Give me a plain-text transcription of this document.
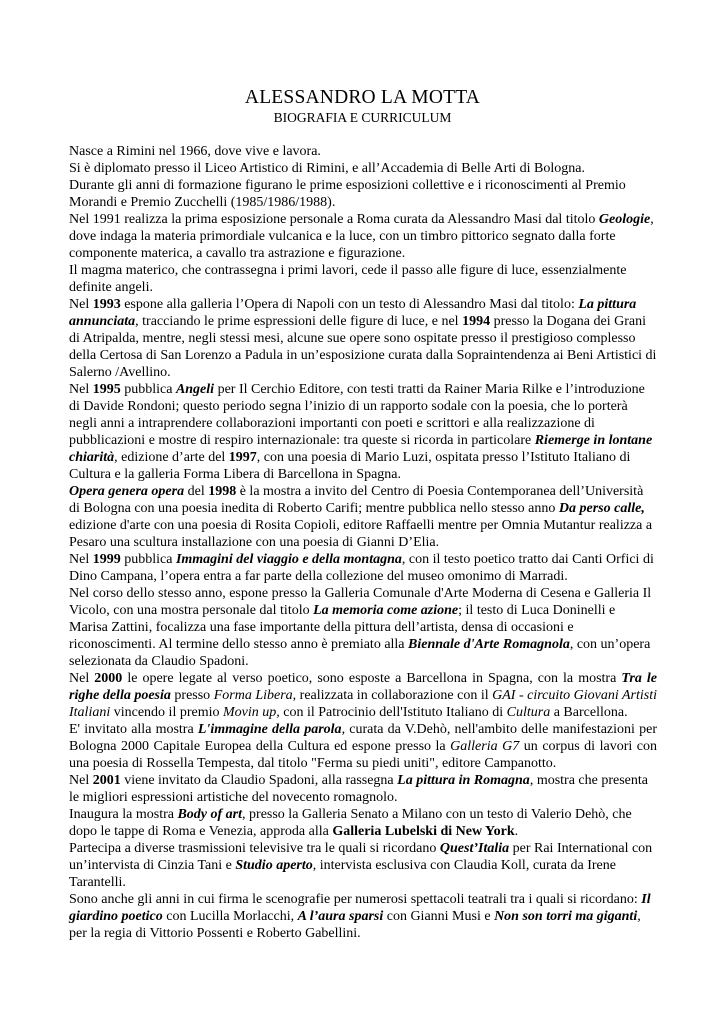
ALESSANDRO LA MOTTA
BIOGRAFIA E CURRICULUM

Nasce a Rimini nel 1966, dove vive e lavora.

Si è diplomato presso il Liceo Artistico di Rimini, e all’Accademia di Belle Arti di Bologna.

Durante gli anni di formazione figurano le prime esposizioni collettive e i riconoscimenti al Premio Morandi e Premio Zucchelli (1985/1986/1988).

Nel 1991 realizza la prima esposizione personale a Roma curata da Alessandro Masi dal titolo Geologie, dove indaga la materia primordiale vulcanica e la luce, con un timbro pittorico segnato dalla forte componente materica, a cavallo tra astrazione e figurazione.

Il magma materico, che contrassegna i primi lavori, cede il passo alle figure di luce, essenzialmente definite angeli.

Nel 1993 espone alla galleria l’Opera di Napoli con un testo di Alessandro Masi dal titolo: La pittura annunciata, tracciando le prime espressioni delle figure di luce, e nel 1994 presso la Dogana dei Grani di Atripalda, mentre, negli stessi mesi, alcune sue opere sono ospitate presso il prestigioso complesso della Certosa di San Lorenzo a Padula in un’esposizione curata dalla Sopraintendenza ai Beni Artistici di Salerno /Avellino.

Nel 1995 pubblica Angeli per Il Cerchio Editore, con testi tratti da Rainer Maria Rilke e l’introduzione di Davide Rondoni; questo periodo segna l’inizio di un rapporto sodale con la poesia, che lo porterà negli anni a intraprendere collaborazioni importanti con poeti e scrittori e alla realizzazione di pubblicazioni e mostre di respiro internazionale: tra queste si ricorda in particolare Riemerge in lontane chiarità, edizione d’arte del 1997, con una poesia di Mario Luzi, ospitata presso l’Istituto Italiano di Cultura e la galleria Forma Libera di Barcellona in Spagna.

Opera genera opera del 1998 è la mostra a invito del Centro di Poesia Contemporanea dell’Università di Bologna con una poesia inedita di Roberto Carifi; mentre pubblica nello stesso anno Da perso calle, edizione d'arte con una poesia di Rosita Copioli, editore Raffaelli mentre per Omnia Mutantur realizza a Pesaro una scultura installazione con una poesia di Gianni D’Elia.

Nel 1999 pubblica Immagini del viaggio e della montagna, con il testo poetico tratto dai Canti Orfici di Dino Campana, l’opera entra a far parte della collezione del museo omonimo di Marradi.

Nel corso dello stesso anno, espone presso la Galleria Comunale d'Arte Moderna di Cesena e Galleria Il Vicolo, con una mostra personale dal titolo La memoria come azione; il testo di Luca Doninelli e Marisa Zattini, focalizza una fase importante della pittura dell’artista, densa di occasioni e riconoscimenti. Al termine dello stesso anno è premiato alla Biennale d'Arte Romagnola, con un’opera selezionata da Claudio Spadoni.

Nel 2000 le opere legate al verso poetico, sono esposte a Barcellona in Spagna, con la mostra Tra le righe della poesia presso Forma Libera, realizzata in collaborazione con il GAI - circuito Giovani Artisti Italiani vincendo il premio Movin up, con il Patrocinio dell'Istituto Italiano di Cultura a Barcellona.

E' invitato alla mostra L'immagine della parola, curata da V.Dehò, nell'ambito delle manifestazioni per Bologna 2000 Capitale Europea della Cultura ed espone presso la Galleria G7 un corpus di lavori con una poesia di Rossella Tempesta, dal titolo "Ferma su piedi uniti", editore Campanotto.

Nel 2001 viene invitato da Claudio Spadoni, alla rassegna La pittura in Romagna, mostra che presenta le migliori espressioni artistiche del novecento romagnolo.

Inaugura la mostra Body of art, presso la Galleria Senato a Milano con un testo di Valerio Dehò, che dopo le tappe di Roma e Venezia, approda alla Galleria Lubelski di New York.

Partecipa a diverse trasmissioni televisive tra le quali si ricordano Quest’Italia per Rai International con un’intervista di Cinzia Tani e Studio aperto, intervista esclusiva con Claudia Koll, curata da Irene Tarantelli.

Sono anche gli anni in cui firma le scenografie per numerosi spettacoli teatrali tra i quali si ricordano: Il giardino poetico con Lucilla Morlacchi, A l’aura sparsi con Gianni Musi e Non son torri ma giganti, per la regia di Vittorio Possenti e Roberto Gabellini.
